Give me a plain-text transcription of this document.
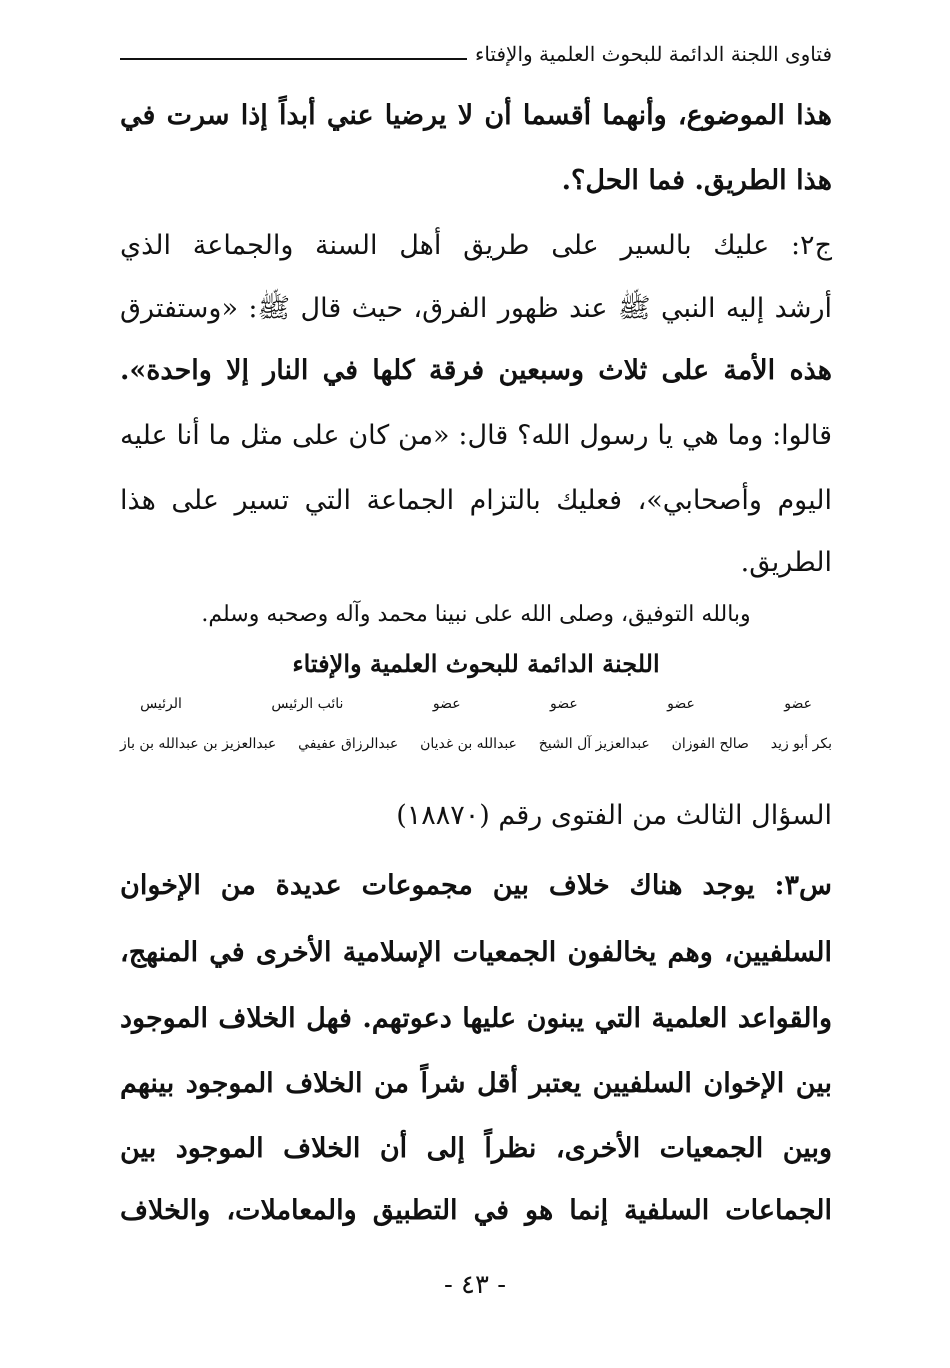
فتاوى اللجنة الدائمة للبحوث العلمية والإفتاء
هذا الموضوع، وأنهما أقسما أن لا يرضيا عني أبداً إذا سرت في
هذا الطريق. فما الحل؟.
ج٢: عليك بالسير على طريق أهل السنة والجماعة الذي
أرشد إليه النبي ﷺ عند ظهور الفرق، حيث قال ﷺ: «وستفترق
هذه الأمة على ثلاث وسبعين فرقة كلها في النار إلا واحدة».
قالوا: وما هي يا رسول الله؟ قال: «من كان على مثل ما أنا عليه
اليوم وأصحابي»، فعليك بالتزام الجماعة التي تسير على هذا
الطريق.
وبالله التوفيق، وصلى الله على نبينا محمد وآله وصحبه وسلم.
اللجنة الدائمة للبحوث العلمية والإفتاء
عضو
عضو
عضو
عضو
نائب الرئيس
الرئيس
بكر أبو زيد
صالح الفوزان
عبدالعزيز آل الشيخ
عبدالله بن غديان
عبدالرزاق عفيفي
عبدالعزيز بن عبدالله بن باز
السؤال الثالث من الفتوى رقم (١٨٨٧٠)
س٣: يوجد هناك خلاف بين مجموعات عديدة من الإخوان
السلفيين، وهم يخالفون الجمعيات الإسلامية الأخرى في المنهج،
والقواعد العلمية التي يبنون عليها دعوتهم. فهل الخلاف الموجود
بين الإخوان السلفيين يعتبر أقل شراً من الخلاف الموجود بينهم
وبين الجمعيات الأخرى، نظراً إلى أن الخلاف الموجود بين
الجماعات السلفية إنما هو في التطبيق والمعاملات، والخلاف
- ٤٣ -
